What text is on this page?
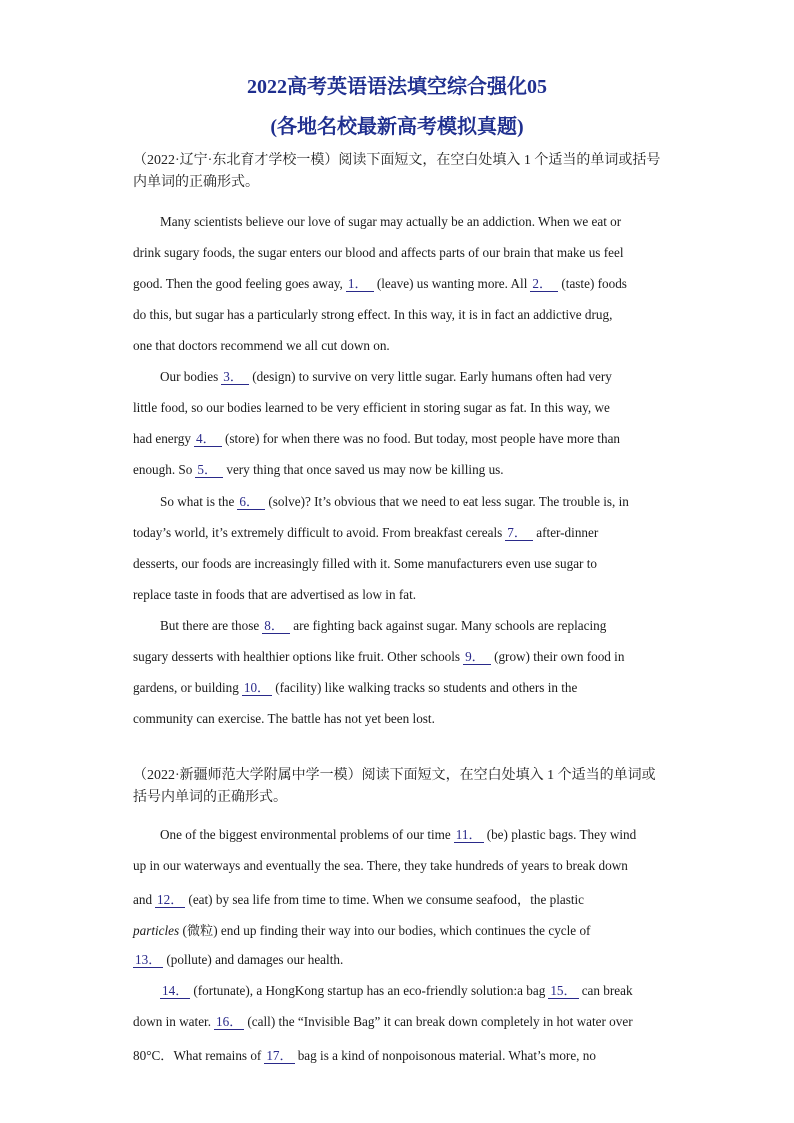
2022高考英语语法填空综合强化05
(各地名校最新高考模拟真题)
（2022·辽宁·东北育才学校一模）阅读下面短文，在空白处填入 1 个适当的单词或括号内单词的正确形式。
Many scientists believe our love of sugar may actually be an addiction. When we eat or
drink sugary foods, the sugar enters our blood and affects parts of our brain that make us feel
good. Then the good feeling goes away, 1． (leave) us wanting more. All 2． (taste) foods
do this, but sugar has a particularly strong effect. In this way, it is in fact an addictive drug,
one that doctors recommend we all cut down on.
Our bodies 3． (design) to survive on very little sugar. Early humans often had very
little food, so our bodies learned to be very efficient in storing sugar as fat. In this way, we
had energy 4． (store) for when there was no food. But today, most people have more than
enough. So 5． very thing that once saved us may now be killing us.
So what is the 6． (solve)? It’s obvious that we need to eat less sugar. The trouble is, in
today’s world, it’s extremely difficult to avoid. From breakfast cereals 7． after-dinner
desserts, our foods are increasingly filled with it. Some manufacturers even use sugar to
replace taste in foods that are advertised as low in fat.
But there are those 8． are fighting back against sugar. Many schools are replacing
sugary desserts with healthier options like fruit. Other schools 9． (grow) their own food in
gardens, or building 10． (facility) like walking tracks so students and others in the
community can exercise. The battle has not yet been lost.
（2022·新疆师范大学附属中学一模）阅读下面短文，在空白处填入 1 个适当的单词或括号内单词的正确形式。
One of the biggest environmental problems of our time 11． (be) plastic bags. They wind
up in our waterways and eventually the sea. There, they take hundreds of years to break down
and 12． (eat) by sea life from time to time. When we consume seafood，the plastic
particles (微粒) end up finding their way into our bodies, which continues the cycle of
13． (pollute) and damages our health.
14． (fortunate), a HongKong startup has an eco-friendly solution:a bag 15． can break
down in water. 16． (call) the “Invisible Bag” it can break down completely in hot water over
80°C．What remains of 17． bag is a kind of nonpoisonous material. What’s more, no
